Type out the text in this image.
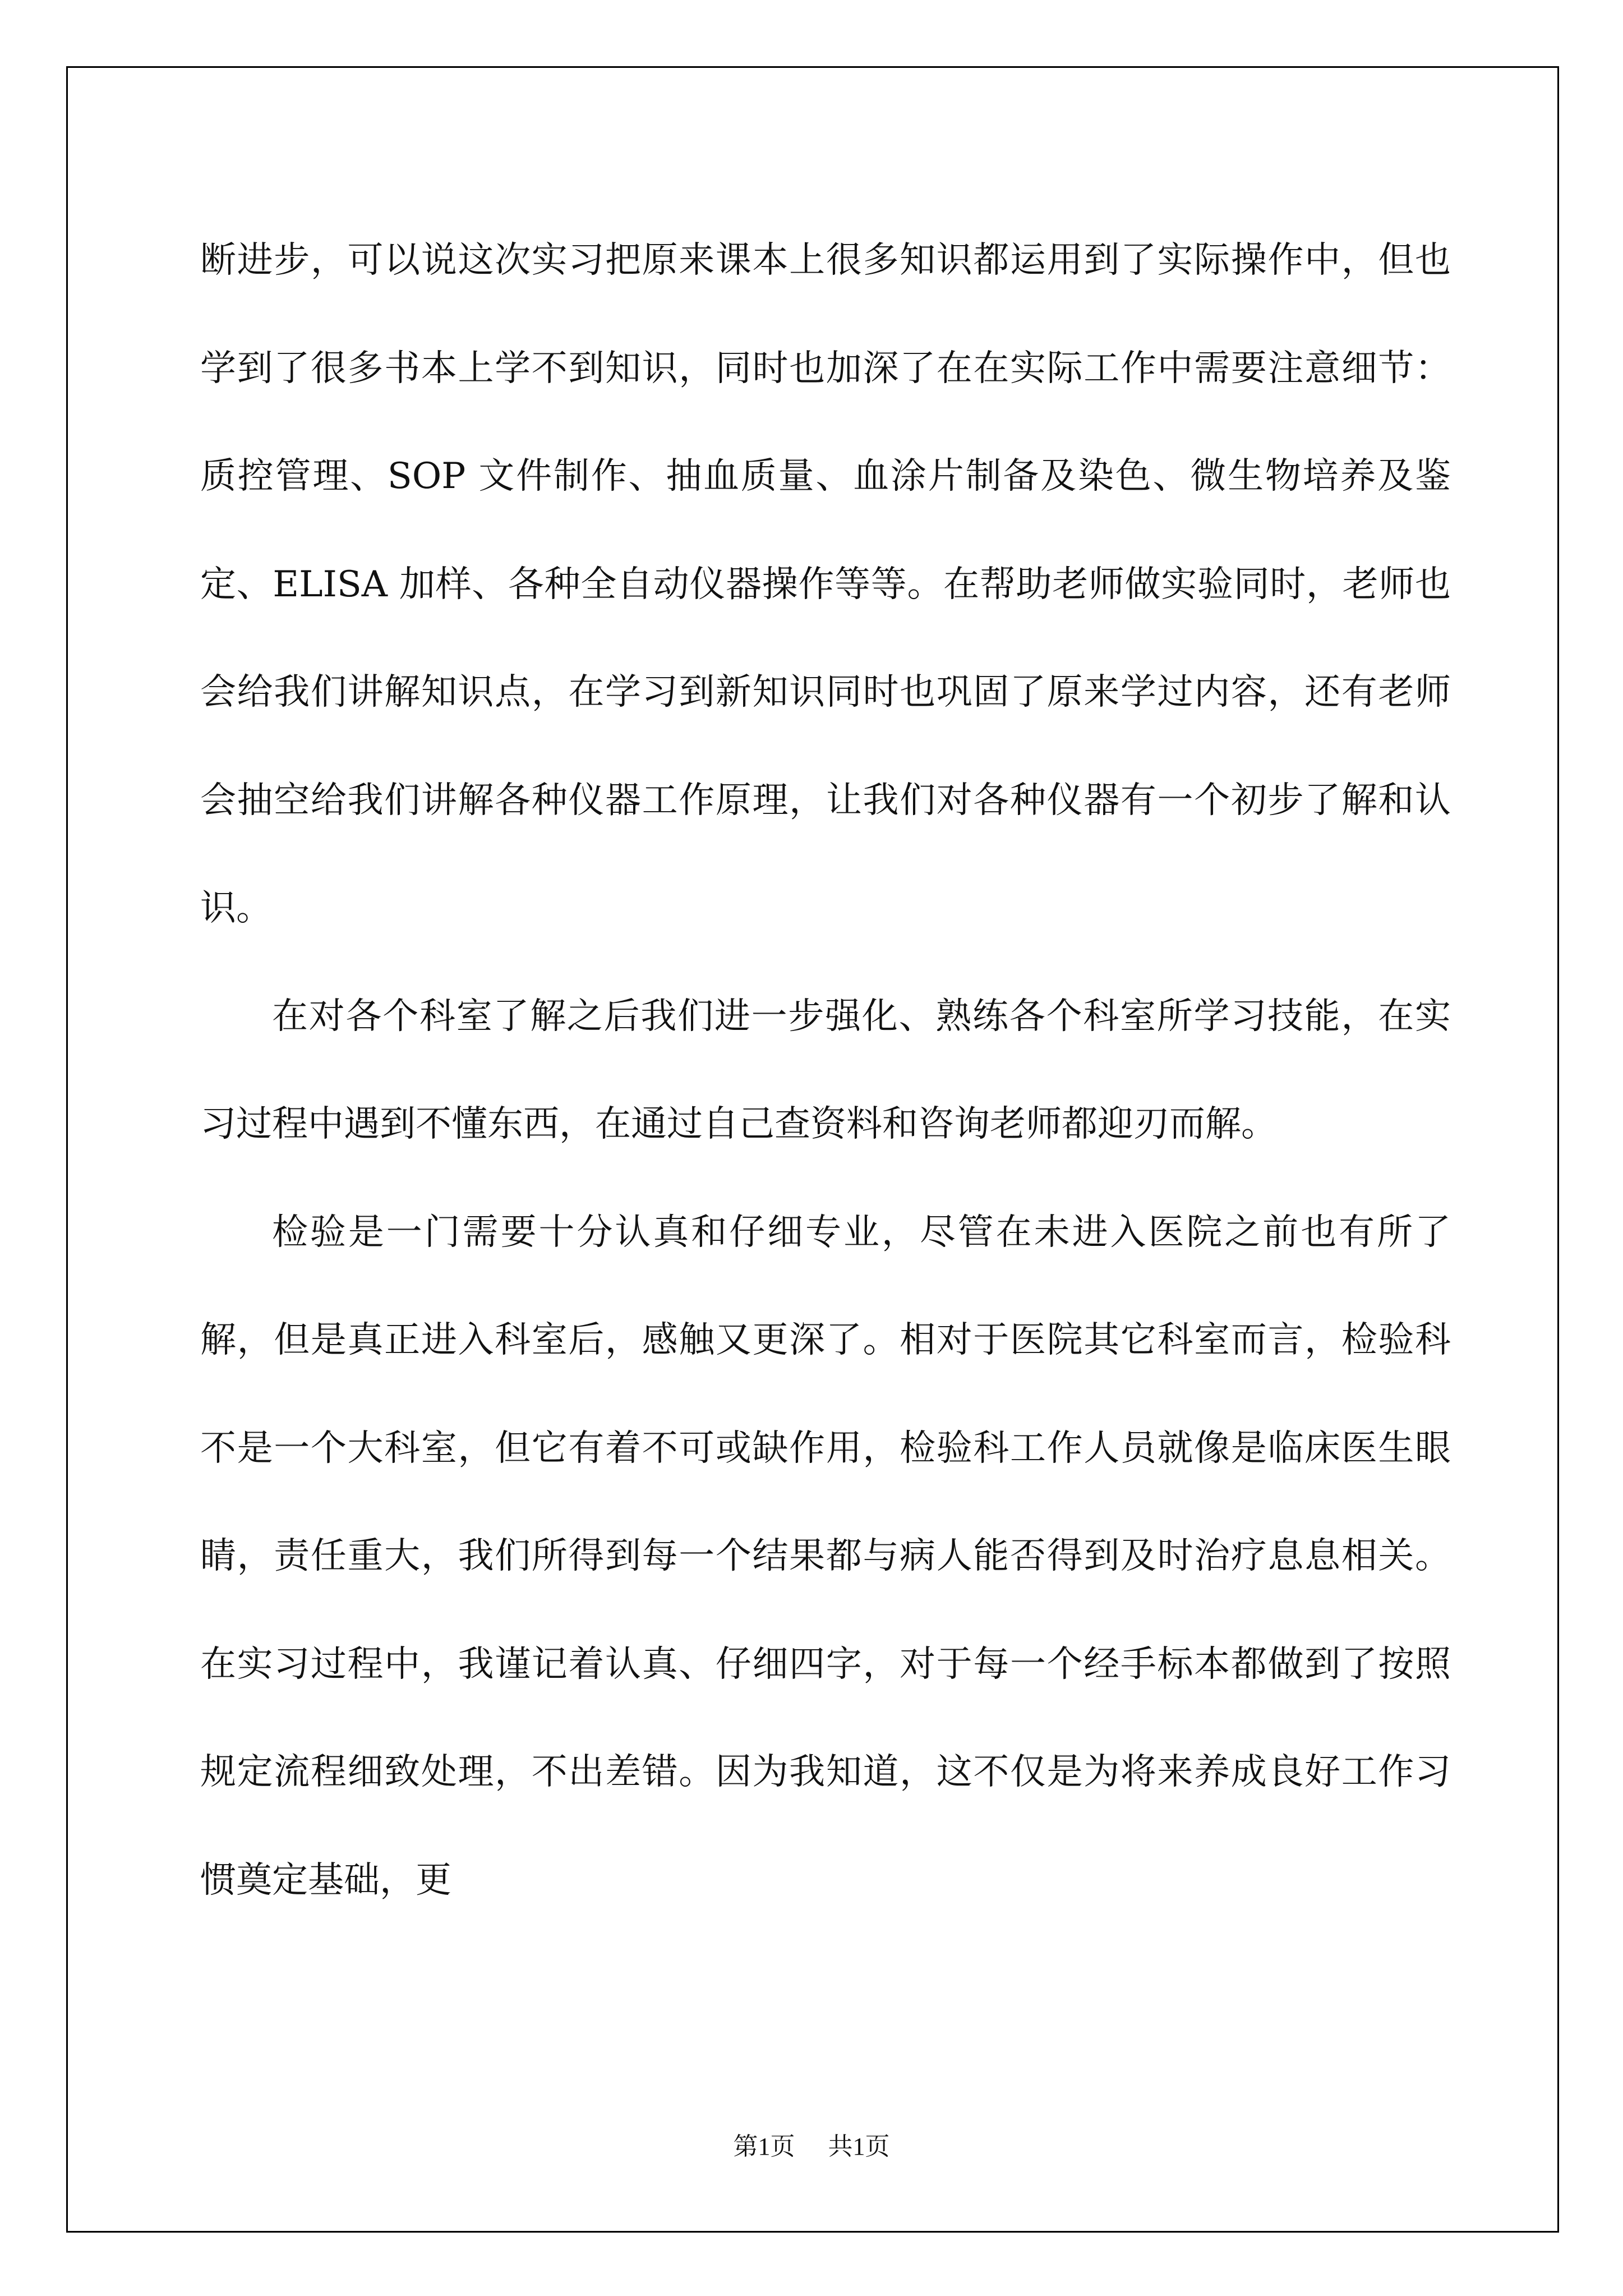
断进步，可以说这次实习把原来课本上很多知识都运用到了实际操作中，但也学到了很多书本上学不到知识，同时也加深了在在实际工作中需要注意细节：质控管理、SOP 文件制作、抽血质量、血涂片制备及染色、微生物培养及鉴定、ELISA 加样、各种全自动仪器操作等等。在帮助老师做实验同时，老师也会给我们讲解知识点，在学习到新知识同时也巩固了原来学过内容，还有老师会抽空给我们讲解各种仪器工作原理，让我们对各种仪器有一个初步了解和认识。

在对各个科室了解之后我们进一步强化、熟练各个科室所学习技能，在实习过程中遇到不懂东西，在通过自己查资料和咨询老师都迎刃而解。

检验是一门需要十分认真和仔细专业，尽管在未进入医院之前也有所了解，但是真正进入科室后，感触又更深了。相对于医院其它科室而言，检验科不是一个大科室，但它有着不可或缺作用，检验科工作人员就像是临床医生眼睛，责任重大，我们所得到每一个结果都与病人能否得到及时治疗息息相关。在实习过程中，我谨记着认真、仔细四字，对于每一个经手标本都做到了按照规定流程细致处理，不出差错。因为我知道，这不仅是为将来养成良好工作习惯奠定基础，更

第1页 共1页
